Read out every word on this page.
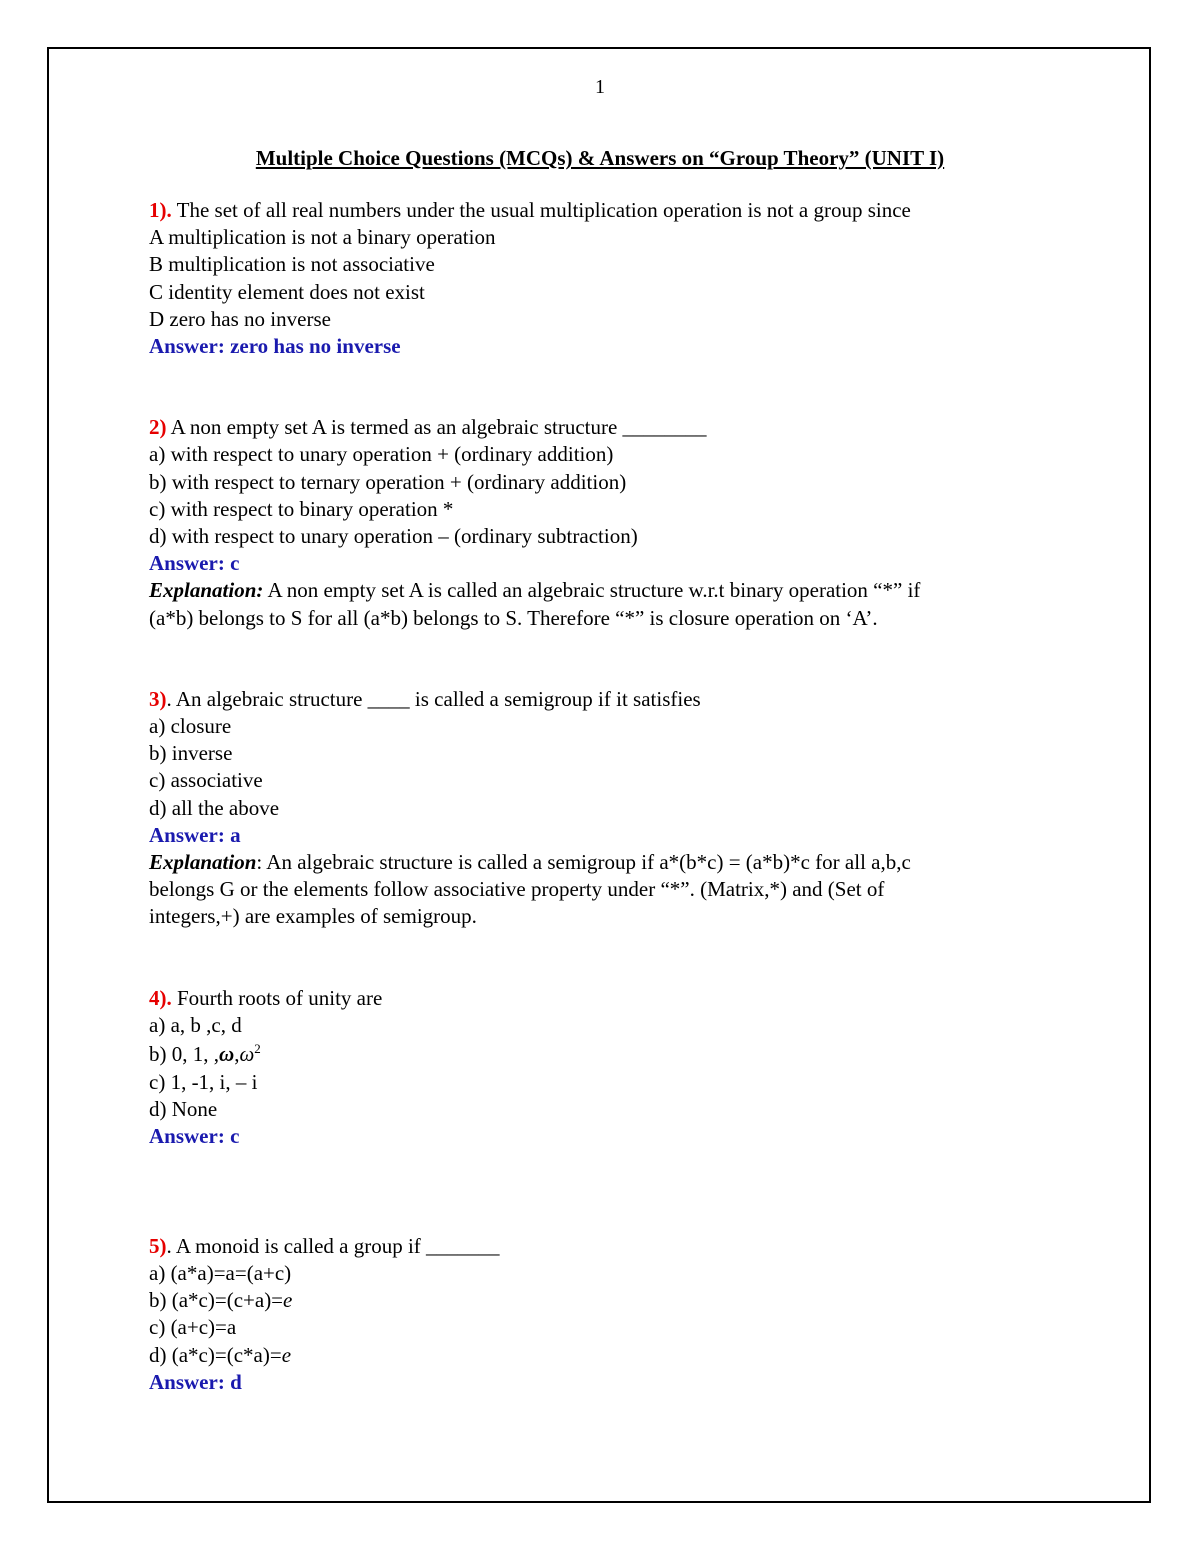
1
Multiple Choice Questions (MCQs) & Answers on “Group Theory” (UNIT I)

1). The set of all real numbers under the usual multiplication operation is not a group since

A multiplication is not a binary operation

B multiplication is not associative

C identity element does not exist

D zero has no inverse

Answer: zero has no inverse

2) A non empty set A is termed as an algebraic structure ________

a) with respect to unary operation + (ordinary addition)

b) with respect to ternary operation + (ordinary addition)

c) with respect to binary operation *

d) with respect to unary operation – (ordinary subtraction)

Answer: c

Explanation: A non empty set A is called an algebraic structure w.r.t binary operation “*” if
(a*b) belongs to S for all (a*b) belongs to S. Therefore “*” is closure operation on ‘A’.

3). An algebraic structure ____ is called a semigroup if it satisfies

a) closure

b) inverse

c) associative

d) all the above

Answer: a

Explanation: An algebraic structure is called a semigroup if a*(b*c) = (a*b)*c for all a,b,c
belongs G or the elements follow associative property under “*”. (Matrix,*) and (Set of
integers,+) are examples of semigroup.

4). Fourth roots of unity are

a) a, b ,c, d

b) 0, 1, $,\omega,\omega^2$

c) 1, -1, i, – i

d) None

Answer: c

5). A monoid is called a group if _______

a) (a*a)=a=(a+c)

b) (a*c)=(c+a)=e

c) (a+c)=a

d) (a*c)=(c*a)=e

Answer: d
